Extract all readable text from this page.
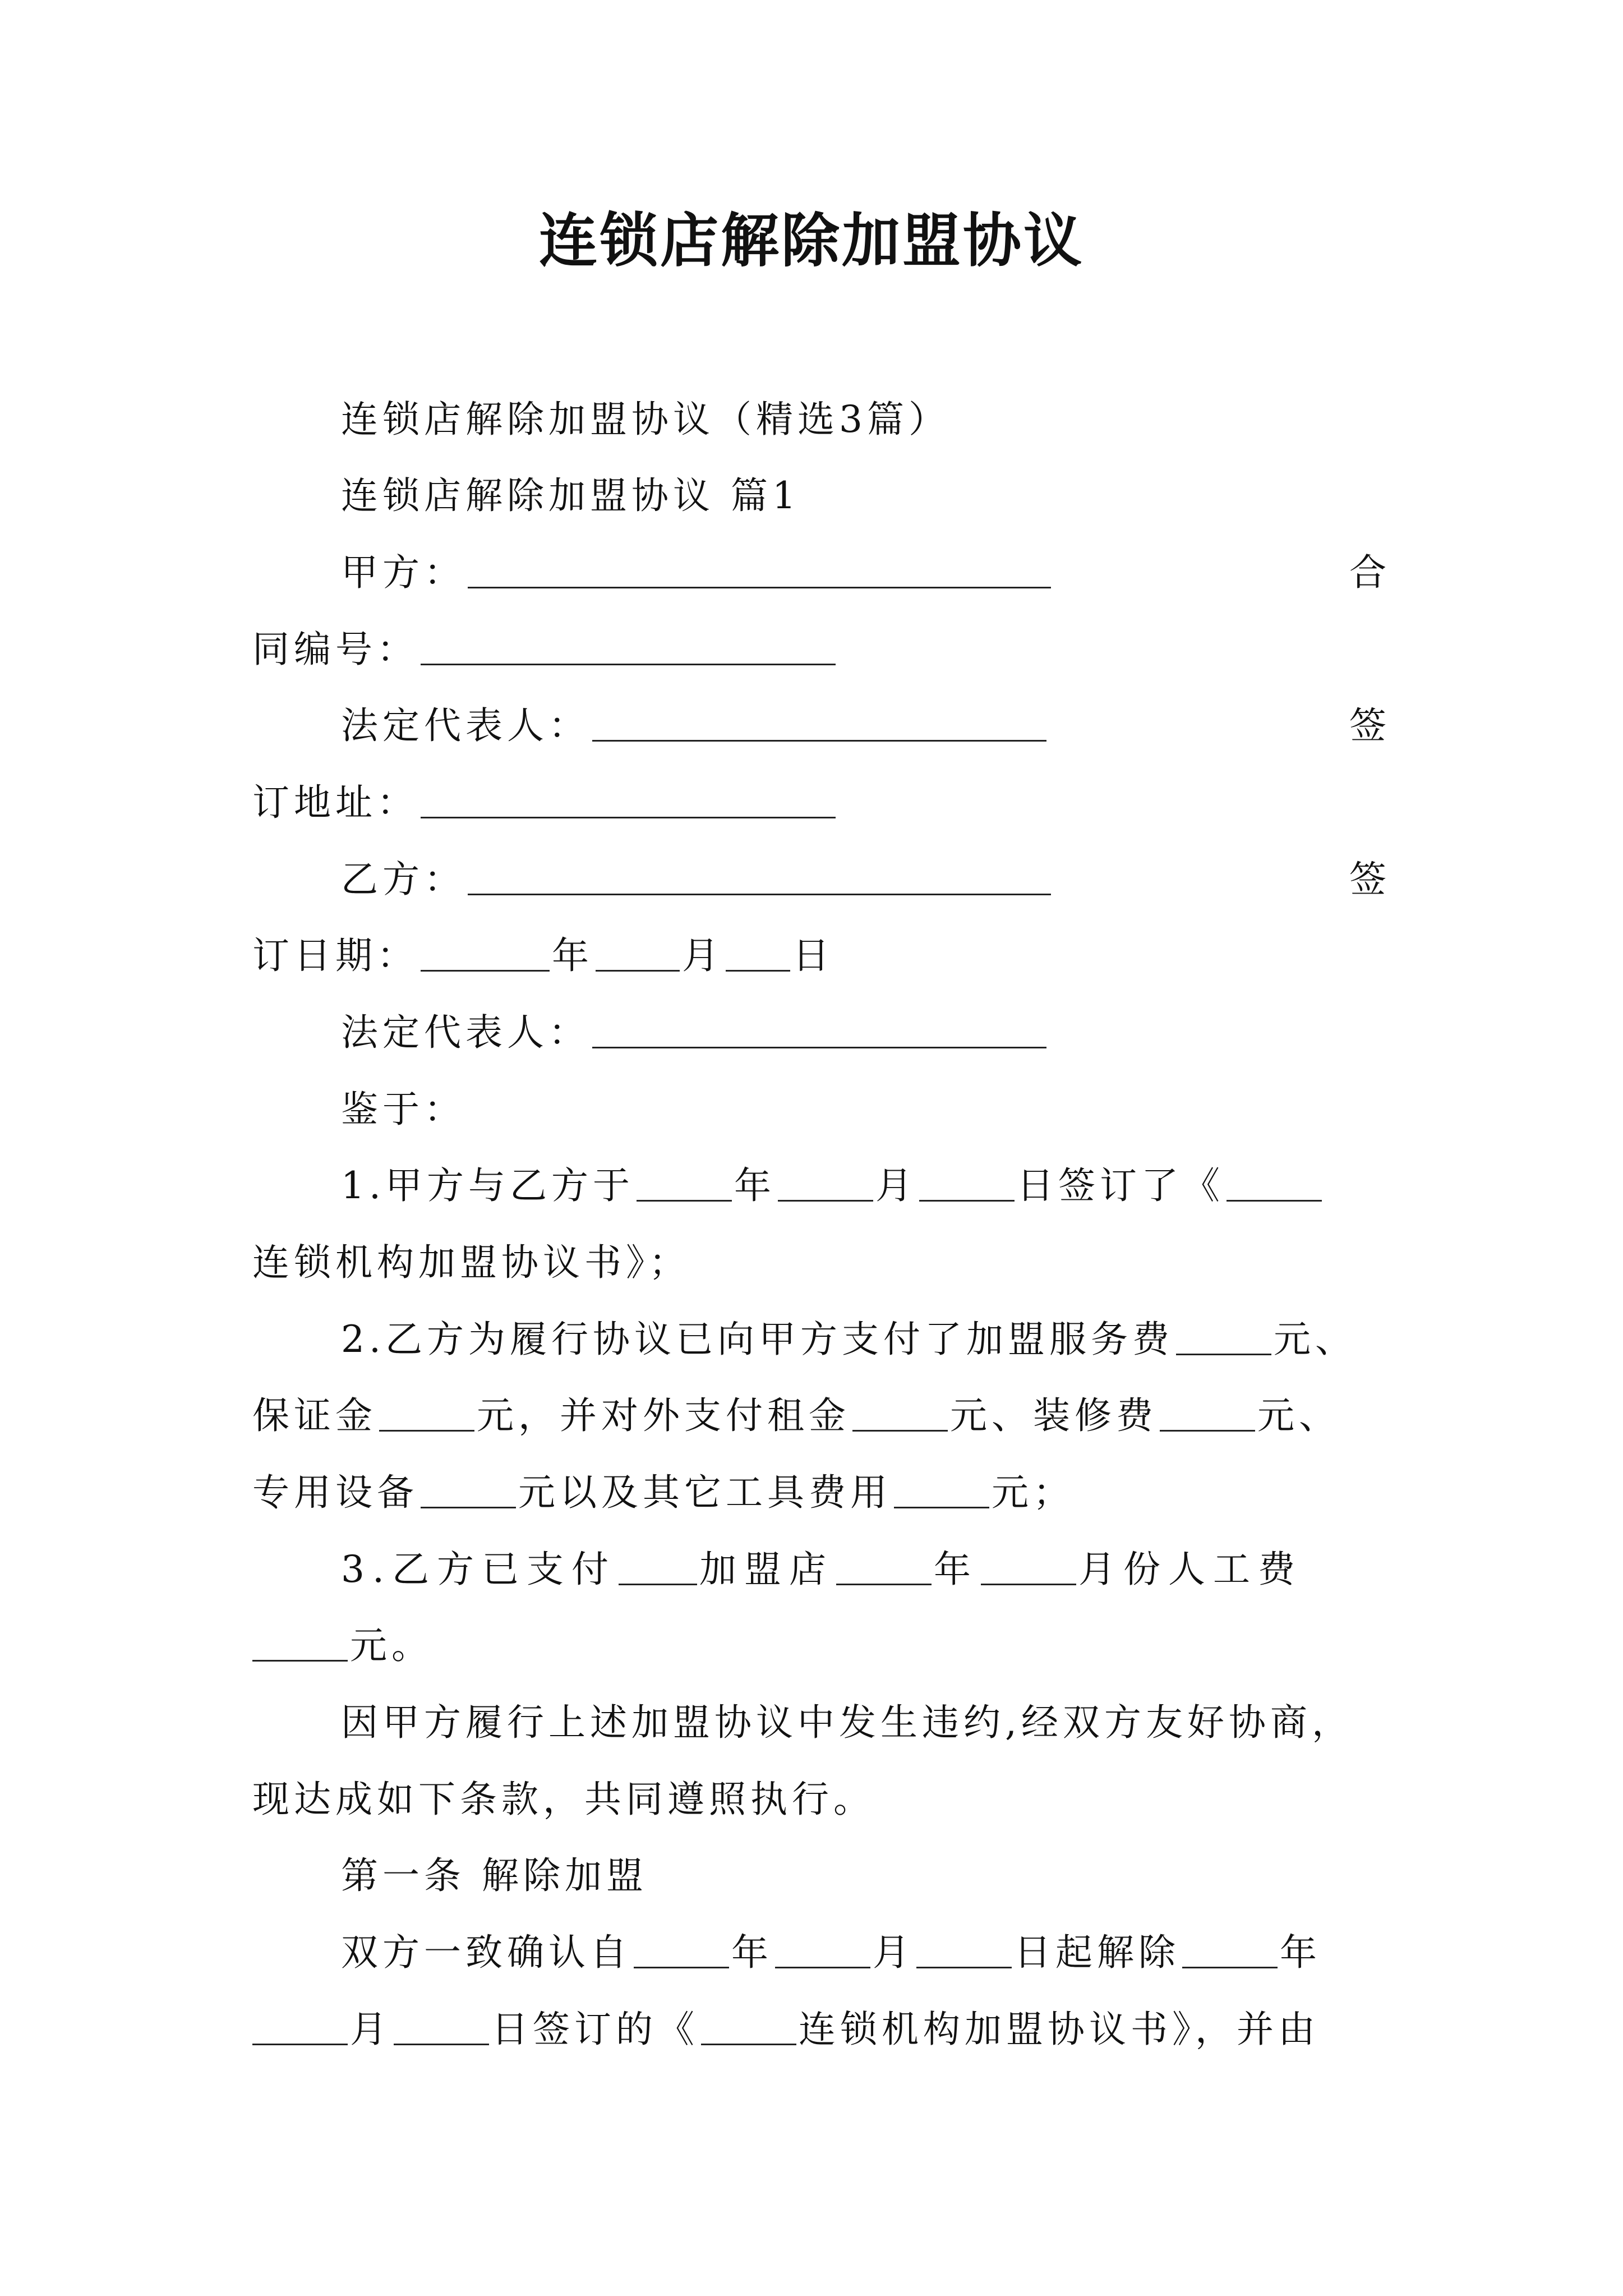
连锁店解除加盟协议
连锁店解除加盟协议（精选3篇）
连锁店解除加盟协议 篇1
甲方：	合
同编号：
法定代表人：	签
订地址：
乙方：	签
订日期：	年 月 日
法定代表人：
鉴于：
1.甲方与乙方于	年	月	日签订了《
连锁机构加盟协议书》；
2.乙方为履行协议已向甲方支付了加盟服务费	元、
保证金	元，并对外支付租金	元、装修费	元、
专用设备	元以及其它工具费用	元；
3.乙方已支付 加盟店	年	月份人工费
元。
因甲方履行上述加盟协议中发生违约,经双方友好协商，
现达成如下条款，共同遵照执行。
第一条 解除加盟
双方一致确认自	年	月	日起解除	年
月	日签订的《	连锁机构加盟协议书》，并由
